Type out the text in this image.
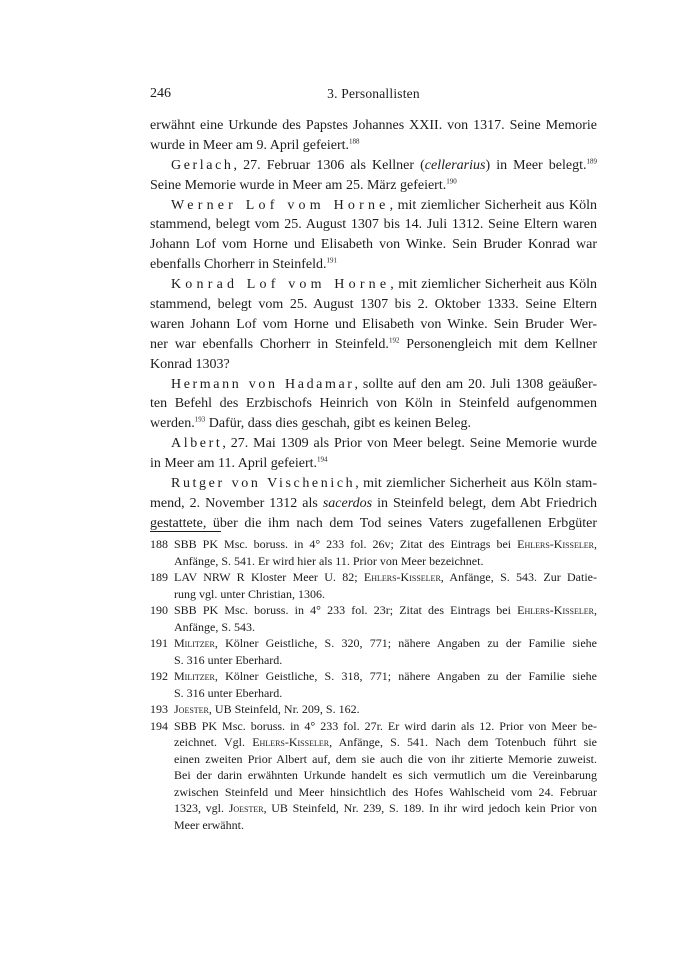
246	3. Personallisten
erwähnt eine Urkunde des Papstes Johannes XXII. von 1317. Seine Memorie
wurde in Meer am 9. April gefeiert.$^{188}$
Gerlach, 27. Februar 1306 als Kellner (cellerarius) in Meer belegt.$^{189}$
Seine Memorie wurde in Meer am 25. März gefeiert.$^{190}$
Werner Lof vom Horne, mit ziemlicher Sicherheit aus Köln
stammend, belegt vom 25. August 1307 bis 14. Juli 1312. Seine Eltern waren
Johann Lof vom Horne und Elisabeth von Winke. Sein Bruder Konrad war
ebenfalls Chorherr in Steinfeld.$^{191}$
Konrad Lof vom Horne, mit ziemlicher Sicherheit aus Köln
stammend, belegt vom 25. August 1307 bis 2. Oktober 1333. Seine Eltern
waren Johann Lof vom Horne und Elisabeth von Winke. Sein Bruder Wer-
ner war ebenfalls Chorherr in Steinfeld.$^{192}$ Personengleich mit dem Kellner
Konrad 1303?
Hermann von Hadamar, sollte auf den am 20. Juli 1308 geäußer-
ten Befehl des Erzbischofs Heinrich von Köln in Steinfeld aufgenommen
werden.$^{193}$ Dafür, dass dies geschah, gibt es keinen Beleg.
Albert, 27. Mai 1309 als Prior von Meer belegt. Seine Memorie wurde
in Meer am 11. April gefeiert.$^{194}$
Rutger von Vischenich, mit ziemlicher Sicherheit aus Köln stam-
mend, 2. November 1312 als sacerdos in Steinfeld belegt, dem Abt Friedrich
gestattete, über die ihm nach dem Tod seines Vaters zugefallenen Erbgüter
188 SBB PK Msc. boruss. in 4° 233 fol. 26v; Zitat des Eintrags bei Ehlers-Kisseler,
Anfänge, S. 541. Er wird hier als 11. Prior von Meer bezeichnet.
189 LAV NRW R Kloster Meer U. 82; Ehlers-Kisseler, Anfänge, S. 543. Zur Datie-
rung vgl. unter Christian, 1306.
190 SBB PK Msc. boruss. in 4° 233 fol. 23r; Zitat des Eintrags bei Ehlers-Kisseler,
Anfänge, S. 543.
191 Militzer, Kölner Geistliche, S. 320, 771; nähere Angaben zu der Familie siehe
S. 316 unter Eberhard.
192 Militzer, Kölner Geistliche, S. 318, 771; nähere Angaben zu der Familie siehe
S. 316 unter Eberhard.
193 Joester, UB Steinfeld, Nr. 209, S. 162.
194 SBB PK Msc. boruss. in 4° 233 fol. 27r. Er wird darin als 12. Prior von Meer be-
zeichnet. Vgl. Ehlers-Kisseler, Anfänge, S. 541. Nach dem Totenbuch führt sie
einen zweiten Prior Albert auf, dem sie auch die von ihr zitierte Memorie zuweist.
Bei der darin erwähnten Urkunde handelt es sich vermutlich um die Vereinbarung
zwischen Steinfeld und Meer hinsichtlich des Hofes Wahlscheid vom 24. Februar
1323, vgl. Joester, UB Steinfeld, Nr. 239, S. 189. In ihr wird jedoch kein Prior von
Meer erwähnt.
